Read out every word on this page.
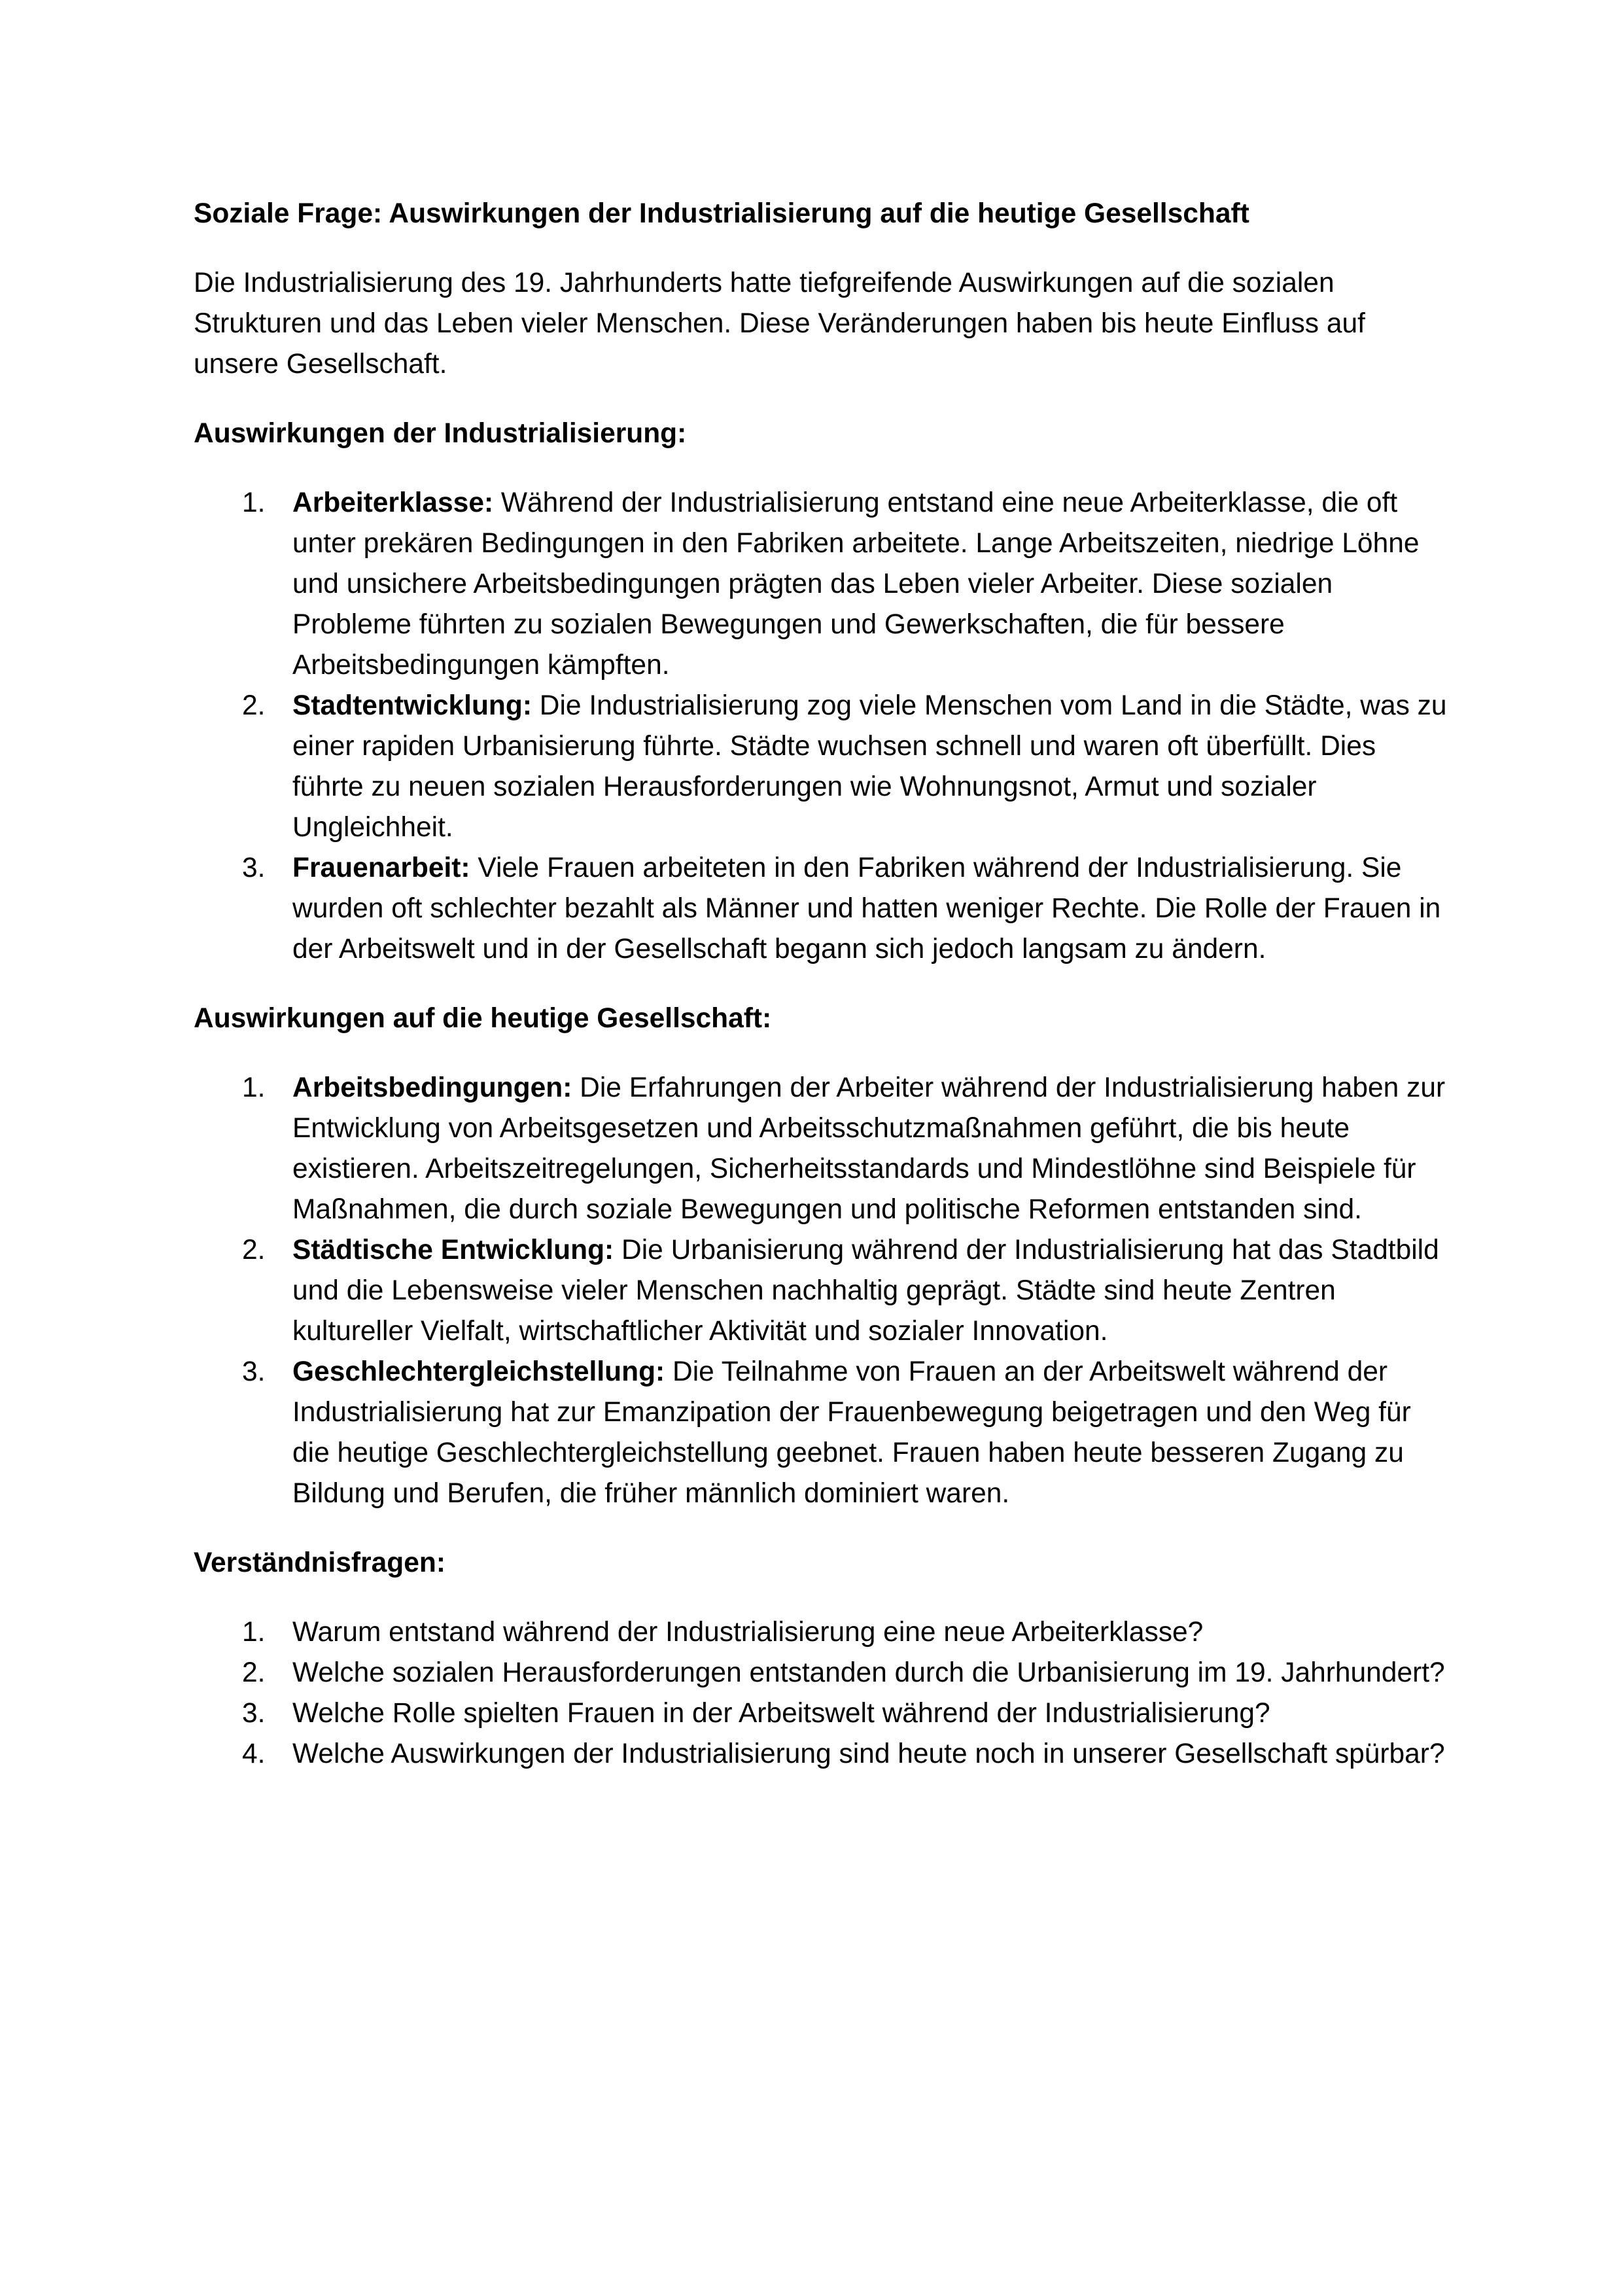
Soziale Frage: Auswirkungen der Industrialisierung auf die heutige Gesellschaft

Die Industrialisierung des 19. Jahrhunderts hatte tiefgreifende Auswirkungen auf die sozialen Strukturen und das Leben vieler Menschen. Diese Veränderungen haben bis heute Einfluss auf unsere Gesellschaft.

Auswirkungen der Industrialisierung:

1. Arbeiterklasse: Während der Industrialisierung entstand eine neue Arbeiterklasse, die oft unter prekären Bedingungen in den Fabriken arbeitete. Lange Arbeitszeiten, niedrige Löhne und unsichere Arbeitsbedingungen prägten das Leben vieler Arbeiter. Diese sozialen Probleme führten zu sozialen Bewegungen und Gewerkschaften, die für bessere Arbeitsbedingungen kämpften.
2. Stadtentwicklung: Die Industrialisierung zog viele Menschen vom Land in die Städte, was zu einer rapiden Urbanisierung führte. Städte wuchsen schnell und waren oft überfüllt. Dies führte zu neuen sozialen Herausforderungen wie Wohnungsnot, Armut und sozialer Ungleichheit.
3. Frauenarbeit: Viele Frauen arbeiteten in den Fabriken während der Industrialisierung. Sie wurden oft schlechter bezahlt als Männer und hatten weniger Rechte. Die Rolle der Frauen in der Arbeitswelt und in der Gesellschaft begann sich jedoch langsam zu ändern.

Auswirkungen auf die heutige Gesellschaft:

1. Arbeitsbedingungen: Die Erfahrungen der Arbeiter während der Industrialisierung haben zur Entwicklung von Arbeitsgesetzen und Arbeitsschutzmaßnahmen geführt, die bis heute existieren. Arbeitszeitregelungen, Sicherheitsstandards und Mindestlöhne sind Beispiele für Maßnahmen, die durch soziale Bewegungen und politische Reformen entstanden sind.
2. Städtische Entwicklung: Die Urbanisierung während der Industrialisierung hat das Stadtbild und die Lebensweise vieler Menschen nachhaltig geprägt. Städte sind heute Zentren kultureller Vielfalt, wirtschaftlicher Aktivität und sozialer Innovation.
3. Geschlechtergleichstellung: Die Teilnahme von Frauen an der Arbeitswelt während der Industrialisierung hat zur Emanzipation der Frauenbewegung beigetragen und den Weg für die heutige Geschlechtergleichstellung geebnet. Frauen haben heute besseren Zugang zu Bildung und Berufen, die früher männlich dominiert waren.

Verständnisfragen:

1. Warum entstand während der Industrialisierung eine neue Arbeiterklasse?
2. Welche sozialen Herausforderungen entstanden durch die Urbanisierung im 19. Jahrhundert?
3. Welche Rolle spielten Frauen in der Arbeitswelt während der Industrialisierung?
4. Welche Auswirkungen der Industrialisierung sind heute noch in unserer Gesellschaft spürbar?
